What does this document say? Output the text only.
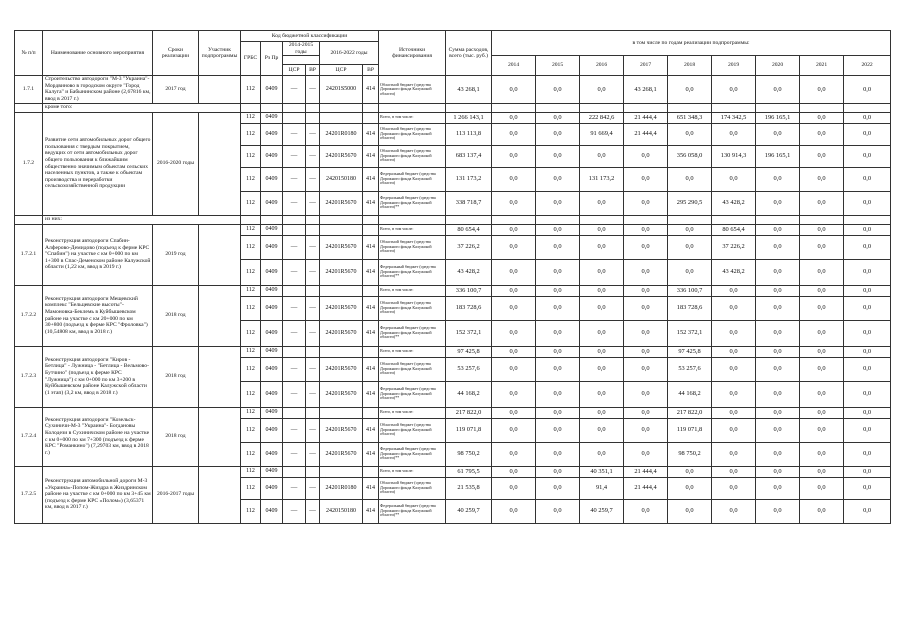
№ п/п	Наименование основного мероприятия	Сроки реализации	Участник подпрограммы	Код бюджетной классификации						Источники финансирования	Сумма расходов, всего (тыс. руб.)	в том числе по годам реализации подпрограммы:								
				ГРБС	Рз Пр	2014-2015 годы		2016-2022 годы												
												2014	2015	2016	2017	2018	2019	2020	2021	2022
						ЦСР	ВР	ЦСР	ВР											
1.7.1	Строительство автодороги "М-3 "Украина"-Мордвиново в городском округе "Город Калуга" и Бабынинском районе (2,67816 км, ввод в 2017 г.)	2017 год		112	0409	—	—	24201S5000	414	Областной бюджет (средства Дорожного фонда Калужской области)	43 268,1	0,0	0,0	0,0	43 268,1	0,0	0,0	0,0	0,0	0,0
	кроме того:																			
1.7.2	Развитие сети автомобильных дорог общего пользования с твердым покрытием, ведущих от сети автомобильных дорог общего пользования к ближайшим общественно значимым объектам сельских населенных пунктов, а также к объектам производства и переработки сельскохозяйственной продукции	2016-2020 годы		112	0409					Всего, в том числе:	1 266 143,1	0,0	0,0	222 842,6	21 444,4	651 348,3	174 342,5	196 165,1	0,0	0,0
				112	0409	—	—	24201R0180	414	Областной бюджет (средства Дорожного фонда Калужской области)	113 113,8	0,0	0,0	91 669,4	21 444,4	0,0	0,0	0,0	0,0	0,0
				112	0409	—	—	24201R5670	414	Областной бюджет (средства Дорожного фонда Калужской области)	683 137,4	0,0	0,0	0,0	0,0	356 058,0	130 914,3	196 165,1	0,0	0,0
				112	0409	—	—	2420150180	414	Федеральный бюджет (средства Дорожного фонда Калужской области)	131 173,2	0,0	0,0	131 173,2	0,0	0,0	0,0	0,0	0,0	0,0
				112	0409	—	—	24201R5670	414	Федеральный бюджет (средства Дорожного фонда Калужской области)**	338 718,7	0,0	0,0	0,0	0,0	295 290,5	43 428,2	0,0	0,0	0,0
	из них:																			
1.7.2.1	Реконструкция автодороги Спабин-Алферово-Демидово (подъезд к ферме КРС "Спабин") на участке с км 0+000 по км 1+300 в Спас-Деменском районе Калужской области (1,22 км, ввод в 2019 г.)	2019 год		112	0409					Всего, в том числе:	80 654,4	0,0	0,0	0,0	0,0	0,0	80 654,4	0,0	0,0	0,0
				112	0409	—	—	24201R5670	414	Областной бюджет (средства Дорожного фонда Калужской области)	37 226,2	0,0	0,0	0,0	0,0	0,0	37 226,2	0,0	0,0	0,0
				112	0409	—	—	24201R5670	414	Федеральный бюджет (средства Дорожного фонда Калужской области)**	43 428,2	0,0	0,0	0,0	0,0	0,0	43 428,2	0,0	0,0	0,0
1.7.2.2	Реконструкция автодороги Мещевский комплекс "Бельцевские высоты"-Мамоновка-Беклемь в Куйбышевском районе на участке с км 20+000 по км 30+800 (подъезд к ферме КРС "Фроловка") (10,54808 км, ввод в 2018 г.)	2018 год		112	0409					Всего, в том числе:	336 100,7	0,0	0,0	0,0	0,0	336 100,7	0,0	0,0	0,0	0,0
				112	0409	—	—	24201R5670	414	Областной бюджет (средства Дорожного фонда Калужской области)	183 728,6	0,0	0,0	0,0	0,0	183 728,6	0,0	0,0	0,0	0,0
				112	0409	—	—	24201R5670	414	Федеральный бюджет (средства Дорожного фонда Калужской области)**	152 372,1	0,0	0,0	0,0	0,0	152 372,1	0,0	0,0	0,0	0,0
1.7.2.3	Реконструкция автодороги "Киров - Бетлица" - Лужница - "Бетлица - Вельмово-Бутчино" (подъезд к ферме КРС "Лужница") с км 0+000 по км 3+200 в Куйбышевском районе Калужской области (1 этап) (3,2 км, ввод в 2018 г.)	2018 год		112	0409					Всего, в том числе:	97 425,8	0,0	0,0	0,0	0,0	97 425,8	0,0	0,0	0,0	0,0
				112	0409	—	—	24201R5670	414	Областной бюджет (средства Дорожного фонда Калужской области)	53 257,6	0,0	0,0	0,0	0,0	53 257,6	0,0	0,0	0,0	0,0
				112	0409	—	—	24201R5670	414	Федеральный бюджет (средства Дорожного фонда Калужской области)**	44 168,2	0,0	0,0	0,0	0,0	44 168,2	0,0	0,0	0,0	0,0
1.7.2.4	Реконструкция автодороги "Козельск-Сухиничи-М-3 "Украина"- Богдановы Колодези в Сухиничском районе на участке с км 0+000 по км 7+300 (подъезд к ферме КРС "Романкино") (7,29703 км, ввод в 2018 г.)	2018 год		112	0409					Всего, в том числе:	217 822,0	0,0	0,0	0,0	0,0	217 822,0	0,0	0,0	0,0	0,0
				112	0409	—	—	24201R5670	414	Областной бюджет (средства Дорожного фонда Калужской области)	119 071,8	0,0	0,0	0,0	0,0	119 071,8	0,0	0,0	0,0	0,0
				112	0409	—	—	24201R5670	414	Федеральный бюджет (средства Дорожного фонда Калужской области)**	98 750,2	0,0	0,0	0,0	0,0	98 750,2	0,0	0,0	0,0	0,0
1.7.2.5	Реконструкция автомобильной дороги М-3 «Украина»-Попом-Жиздра в Жиздринском районе на участке с км 0+000 по км 3+45 км (подъезд к ферме КРС «Полом») (3,65371 км, ввод в 2017 г.)	2016-2017 годы		112	0409					Всего, в том числе:	61 795,5	0,0	0,0	40 351,1	21 444,4	0,0	0,0	0,0	0,0	0,0
				112	0409	—	—	24201R0180	414	Областной бюджет (средства Дорожного фонда Калужской области)	21 535,8	0,0	0,0	91,4	21 444,4	0,0	0,0	0,0	0,0	0,0
				112	0409	—	—	2420150180	414	Федеральный бюджет (средства Дорожного фонда Калужской области)**	40 259,7	0,0	0,0	40 259,7	0,0	0,0	0,0	0,0	0,0	0,0
